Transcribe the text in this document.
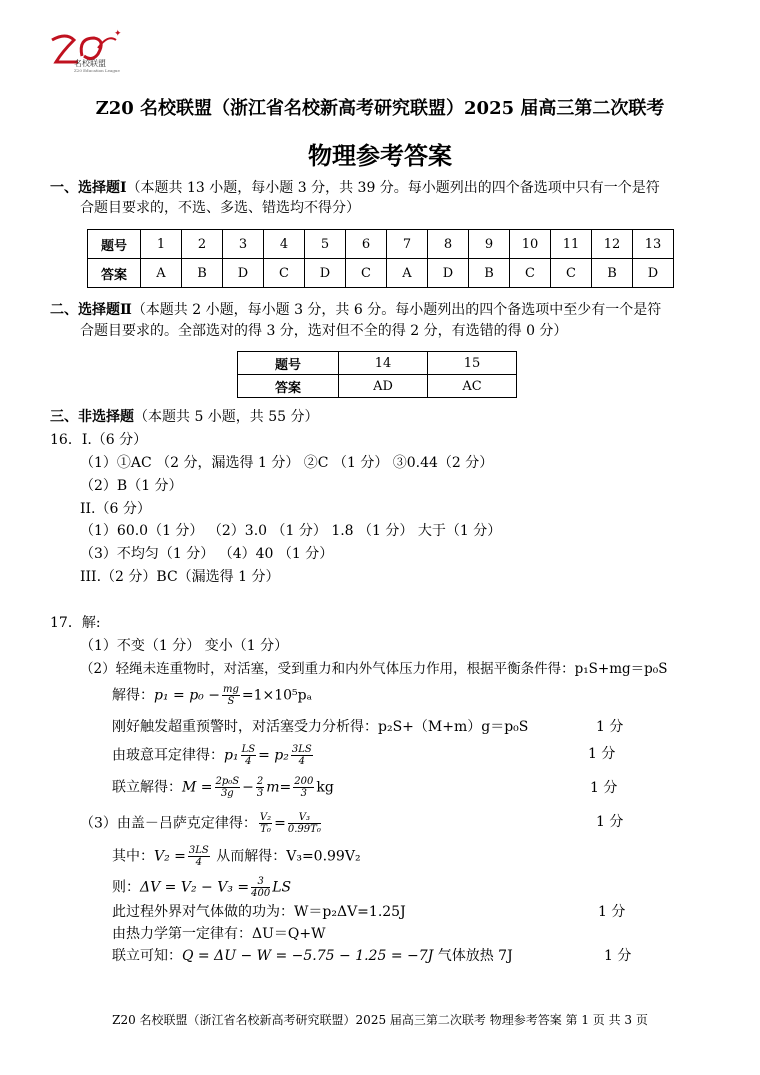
✦
名校联盟
Z20 Education League
Z20 名校联盟（浙江省名校新高考研究联盟）2025 届高三第二次联考
物理参考答案
一、选择题Ⅰ（本题共 13 小题，每小题 3 分，共 39 分。每小题列出的四个备选项中只有一个是符
合题目要求的，不选、多选、错选均不得分）
题号	1	2	3	4	5	6	7	8	9	10	11	12	13
答案	A	B	D	C	D	C	A	D	B	C	C	B	D
二、选择题Ⅱ（本题共 2 小题，每小题 3 分，共 6 分。每小题列出的四个备选项中至少有一个是符
合题目要求的。全部选对的得 3 分，选对但不全的得 2 分，有选错的得 0 分）
题号	14	15
答案	AD	AC
三、非选择题（本题共 5 小题，共 55 分）
16．I.（6 分）
（1）①AC （2 分，漏选得 1 分） ②C （1 分） ③0.44（2 分）
（2）B（1 分）
II.（6 分）
（1）60.0（1 分） （2）3.0 （1 分） 1.8 （1 分） 大于（1 分）
（3）不均匀（1 分） （4）40 （1 分）
III.（2 分）BC（漏选得 1 分）
17．解:
（1）不变（1 分） 变小（1 分）
（2）轻绳未连重物时，对活塞，受到重力和内外气体压力作用，根据平衡条件得：p₁S+mg＝p₀S
解得：$p_1 = p_0 - \frac{mg}{S} =1\times 10^5p_a$
刚好触发超重预警时，对活塞受力分析得：p₂S+（M+m）g＝p₀S	1 分
由玻意耳定律得：$p_1 \frac{LS}{4} = p_2 \frac{3LS}{4}$	1 分
联立解得：$M = \frac{\text{2p₀S}}{3g} - \frac{2}{3} m= \frac{200}{3}$ kg	1 分
（3）由盖－吕萨克定律得： $\frac{\text{V₂}}{\text{T₀}} = \frac{\text{V₃}}{\text{0.99T₀}}$	1 分
其中：$V_2 = \frac{3LS}{4}$ 从而解得：V₃=0.99V₂
则：$\Delta V = V_2 - V_3 = \frac{3}{400}$ LS
此过程外界对气体做的功为：W＝p₂ΔV=1.25J	1 分
由热力学第一定律有：ΔU＝Q+W
联立可知：Q = ΔU − W = −5.75 − 1.25 = −7J 气体放热 7J	1 分
Z20 名校联盟（浙江省名校新高考研究联盟）2025 届高三第二次联考 物理参考答案 第 1 页 共 3 页
